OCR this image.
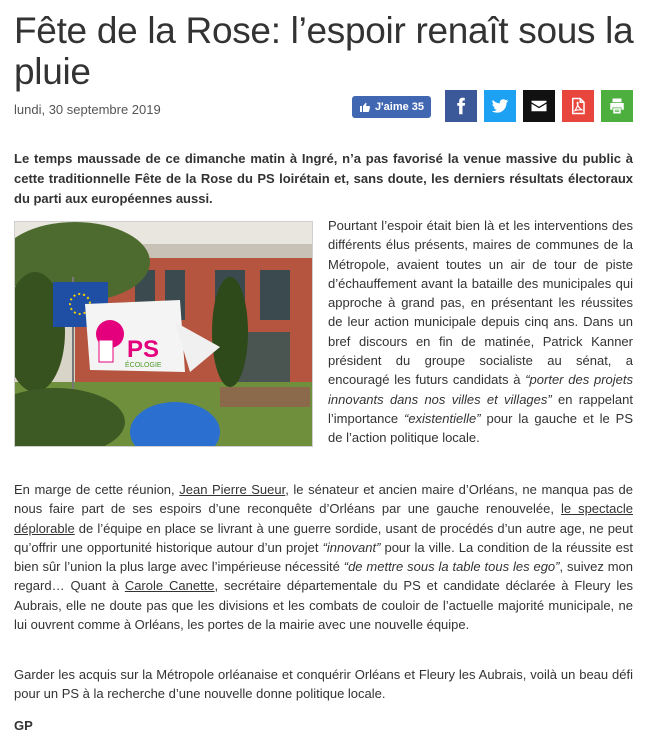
Fête de la Rose: l’espoir renaît sous la pluie
lundi, 30 septembre 2019	J'aime 35

Le temps maussade de ce dimanche matin à Ingré, n’a pas favorisé la venue massive du public à cette traditionnelle Fête de la Rose du PS loirétain et, sans doute, les derniers résultats électoraux du parti aux européennes aussi.

PS
ÉCOLOGIE

Pourtant l’espoir était bien là et les interventions des différents élus présents, maires de communes de la Métropole, avaient toutes un air de tour de piste d’échauffement avant la bataille des municipales qui approche à grand pas, en présentant les réussites de leur action municipale depuis cinq ans. Dans un bref discours en fin de matinée, Patrick Kanner président du groupe socialiste au sénat, a encouragé les futurs candidats à “porter des projets innovants dans nos villes et villages” en rappelant l’importance “existentielle” pour la gauche et le PS de l’action politique locale.

En marge de cette réunion, Jean Pierre Sueur, le sénateur et ancien maire d’Orléans, ne manqua pas de nous faire part de ses espoirs d’une reconquête d’Orléans par une gauche renouvelée, le spectacle déplorable de l’équipe en place se livrant à une guerre sordide, usant de procédés d’un autre age, ne peut qu’offrir une opportunité historique autour d’un projet “innovant” pour la ville. La condition de la réussite est bien sûr l’union la plus large avec l’impérieuse nécessité “de mettre sous la table tous les ego”, suivez mon regard… Quant à Carole Canette, secrétaire départementale du PS et candidate déclarée à Fleury les Aubrais, elle ne doute pas que les divisions et les combats de couloir de l’actuelle majorité municipale, ne lui ouvrent comme à Orléans, les portes de la mairie avec une nouvelle équipe.

Garder les acquis sur la Métropole orléanaise et conquérir Orléans et Fleury les Aubrais, voilà un beau défi pour un PS à la recherche d’une nouvelle donne politique locale.

GP
